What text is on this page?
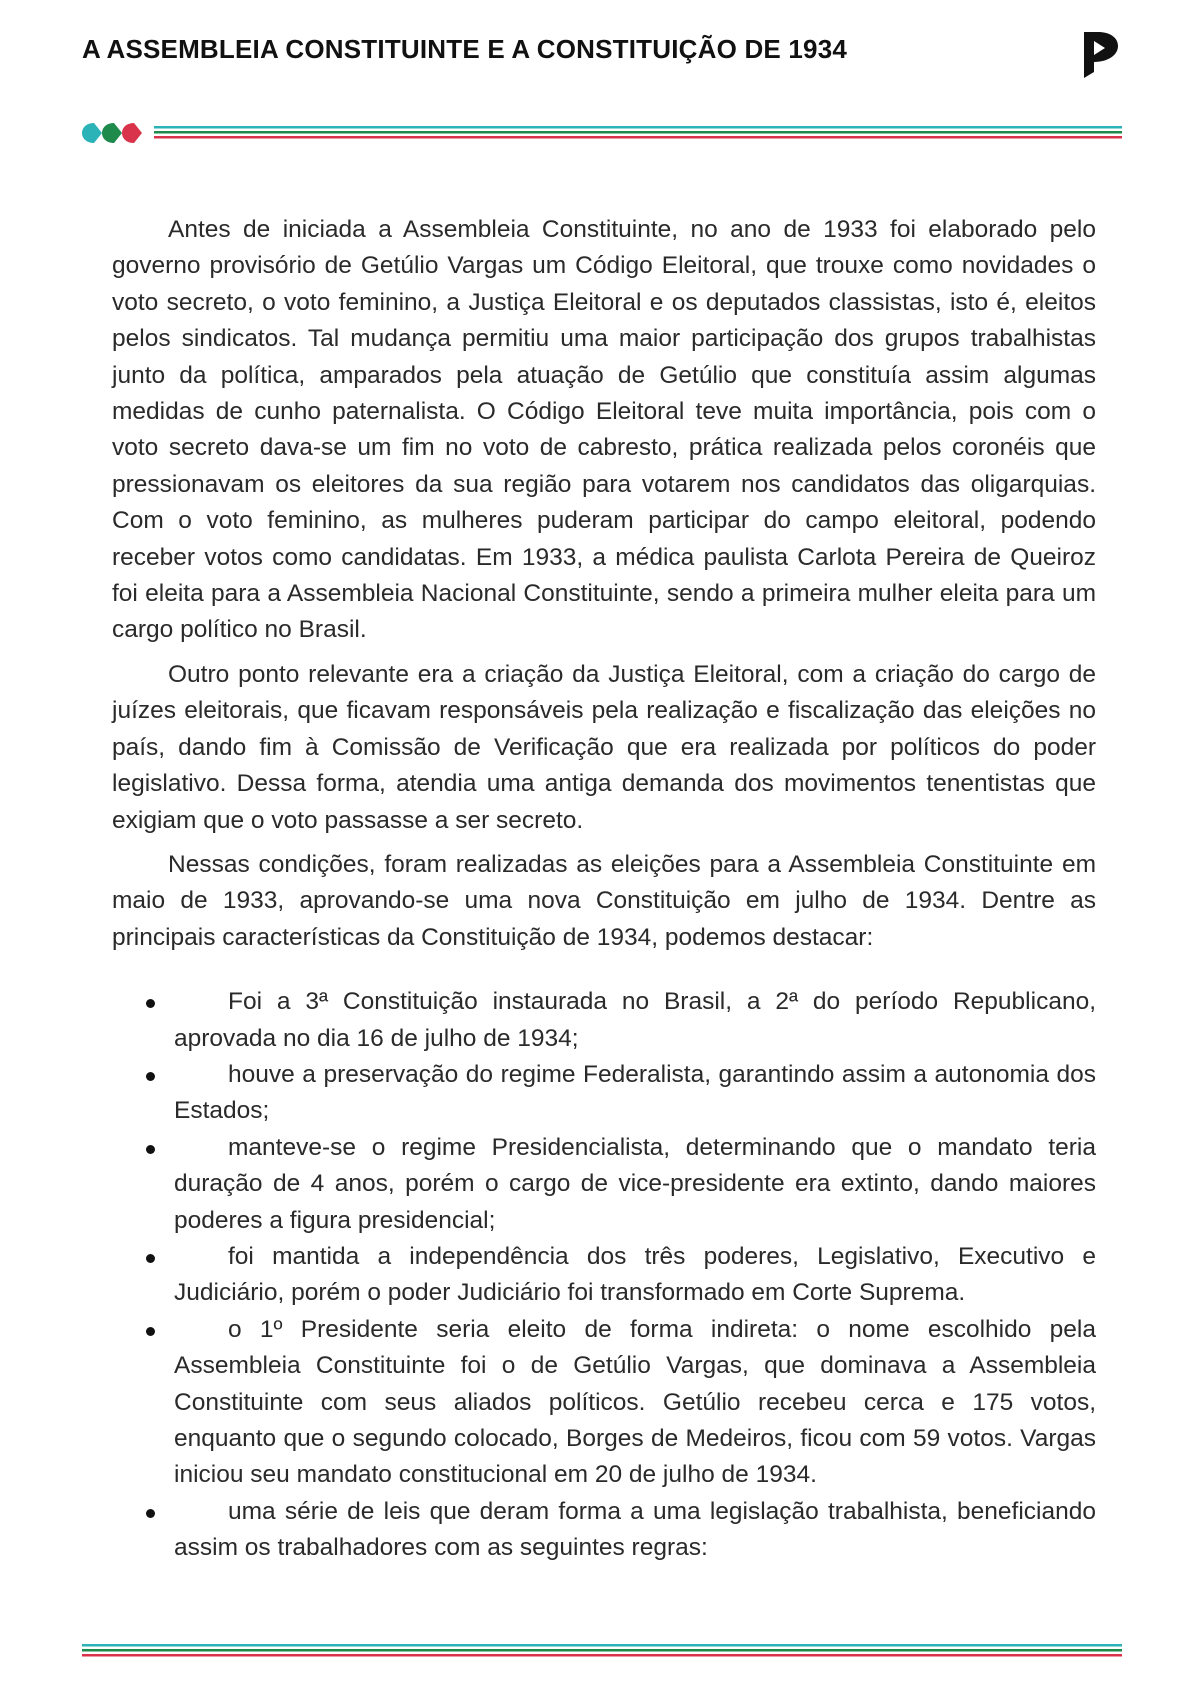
A ASSEMBLEIA CONSTITUINTE E A CONSTITUIÇÃO DE 1934

Antes de iniciada a Assembleia Constituinte, no ano de 1933 foi elaborado pelo governo provisório de Getúlio Vargas um Código Eleitoral, que trouxe como novidades o voto secreto, o voto feminino, a Justiça Eleitoral e os deputados classistas, isto é, eleitos pelos sindicatos. Tal mudança permitiu uma maior participação dos grupos trabalhistas junto da política, amparados pela atuação de Getúlio que constituía assim algumas medidas de cunho paternalista. O Código Eleitoral teve muita importância, pois com o voto secreto dava-se um fim no voto de cabresto, prática realizada pelos coronéis que pressionavam os eleitores da sua região para votarem nos candidatos das oligarquias. Com o voto feminino, as mulheres puderam participar do campo eleitoral, podendo receber votos como candidatas. Em 1933, a médica paulista Carlota Pereira de Queiroz foi eleita para a Assembleia Nacional Constituinte, sendo a primeira mulher eleita para um cargo político no Brasil.

Outro ponto relevante era a criação da Justiça Eleitoral, com a criação do cargo de juízes eleitorais, que ficavam responsáveis pela realização e fiscalização das eleições no país, dando fim à Comissão de Verificação que era realizada por políticos do poder legislativo. Dessa forma, atendia uma antiga demanda dos movimentos tenentistas que exigiam que o voto passasse a ser secreto.

Nessas condições, foram realizadas as eleições para a Assembleia Constituinte em maio de 1933, aprovando-se uma nova Constituição em julho de 1934. Dentre as principais características da Constituição de 1934, podemos destacar:

Foi a 3ª Constituição instaurada no Brasil, a 2ª do período Republicano, aprovada no dia 16 de julho de 1934;
houve a preservação do regime Federalista, garantindo assim a autonomia dos Estados;
manteve-se o regime Presidencialista, determinando que o mandato teria duração de 4 anos, porém o cargo de vice-presidente era extinto, dando maiores poderes a figura presidencial;
foi mantida a independência dos três poderes, Legislativo, Executivo e Judiciário, porém o poder Judiciário foi transformado em Corte Suprema.
o 1º Presidente seria eleito de forma indireta: o nome escolhido pela Assembleia Constituinte foi o de Getúlio Vargas, que dominava a Assembleia Constituinte com seus aliados políticos. Getúlio recebeu cerca e 175 votos, enquanto que o segundo colocado, Borges de Medeiros, ficou com 59 votos. Vargas iniciou seu mandato constitucional em 20 de julho de 1934.
uma série de leis que deram forma a uma legislação trabalhista, beneficiando assim os trabalhadores com as seguintes regras:
